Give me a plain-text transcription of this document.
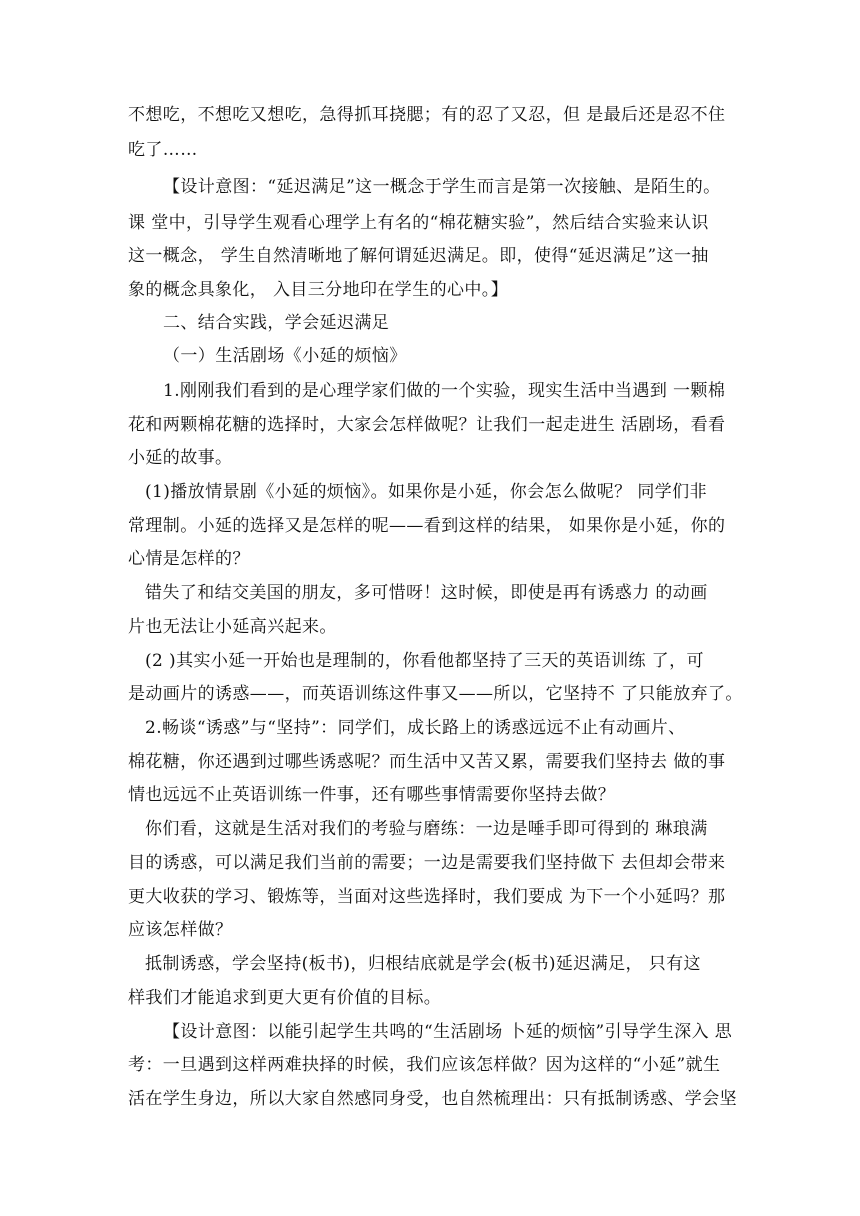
不想吃，不想吃又想吃，急得抓耳挠腮；有的忍了又忍，但 是最后还是忍不住
吃了……
【设计意图：“延迟满足”这一概念于学生而言是第一次接触、是陌生的。
课 堂中，引导学生观看心理学上有名的“棉花糖实验”，然后结合实验来认识
这一概念， 学生自然清晰地了解何谓延迟满足。即，使得“延迟满足”这一抽
象的概念具象化， 入目三分地印在学生的心中。】
二、结合实践，学会延迟满足
（一）生活剧场《小延的烦恼》
1.刚刚我们看到的是心理学家们做的一个实验，现实生活中当遇到 一颗棉
花和两颗棉花糖的选择时，大家会怎样做呢？让我们一起走进生 活剧场，看看
小延的故事。
(1)播放情景剧《小延的烦恼》。如果你是小延，你会怎么做呢？ 同学们非
常理制。小延的选择又是怎样的呢——看到这样的结果， 如果你是小延，你的
心情是怎样的？
错失了和结交美国的朋友，多可惜呀！这时候，即使是再有诱惑力 的动画
片也无法让小延高兴起来。
(2 )其实小延一开始也是理制的，你看他都坚持了三天的英语训练 了，可
是动画片的诱惑——，而英语训练这件事又——所以，它坚持不 了只能放弃了。
2.畅谈“诱惑”与“坚持”：同学们，成长路上的诱惑远远不止有动画片、
棉花糖，你还遇到过哪些诱惑呢？而生活中又苦又累，需要我们坚持去 做的事
情也远远不止英语训练一件事，还有哪些事情需要你坚持去做？
你们看，这就是生活对我们的考验与磨练：一边是唾手即可得到的 琳琅满
目的诱惑，可以满足我们当前的需要；一边是需要我们坚持做下 去但却会带来
更大收获的学习、锻炼等，当面对这些选择时，我们要成 为下一个小延吗？那
应该怎样做？
抵制诱惑，学会坚持(板书)，归根结底就是学会(板书)延迟满足， 只有这
样我们才能追求到更大更有价值的目标。
【设计意图：以能引起学生共鸣的“生活剧场 卜延的烦恼”引导学生深入 思
考：一旦遇到这样两难抉择的时候，我们应该怎样做？因为这样的“小延”就生
活在学生身边，所以大家自然感同身受，也自然梳理出：只有抵制诱惑、学会坚
